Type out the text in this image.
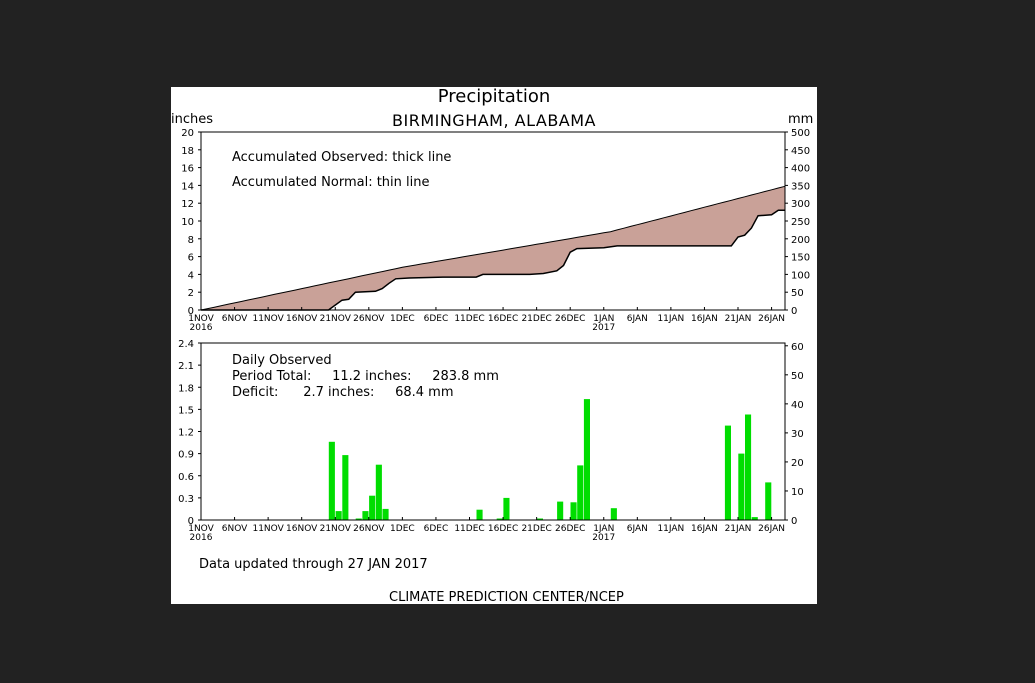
Precipitation
BIRMINGHAM, ALABAMA
inches	mm
0
2
4
6
8
10
12
14
16
18
20
0
50
100
150
200
250
300
350
400
450
500
1NOV
2016
6NOV 11NOV 16NOV 21NOV 26NOV 1DEC 6DEC 11DEC 16DEC 21DEC 26DEC 1JAN
2017
6JAN 11JAN 16JAN 21JAN 26JAN
Accumulated Observed: thick line
Accumulated Normal: thin line
0
0.3
0.6
0.9
1.2
1.5
1.8
2.1
2.4
0
10
20
30
40
50
60
1NOV
2016
6NOV 11NOV 16NOV 21NOV 26NOV 1DEC 6DEC 11DEC 16DEC 21DEC 26DEC 1JAN
2017
6JAN 11JAN 16JAN 21JAN 26JAN
Daily Observed
Period Total:     11.2 inches:     283.8 mm
Deficit:      2.7 inches:     68.4 mm
Data updated through 27 JAN 2017
CLIMATE PREDICTION CENTER/NCEP
